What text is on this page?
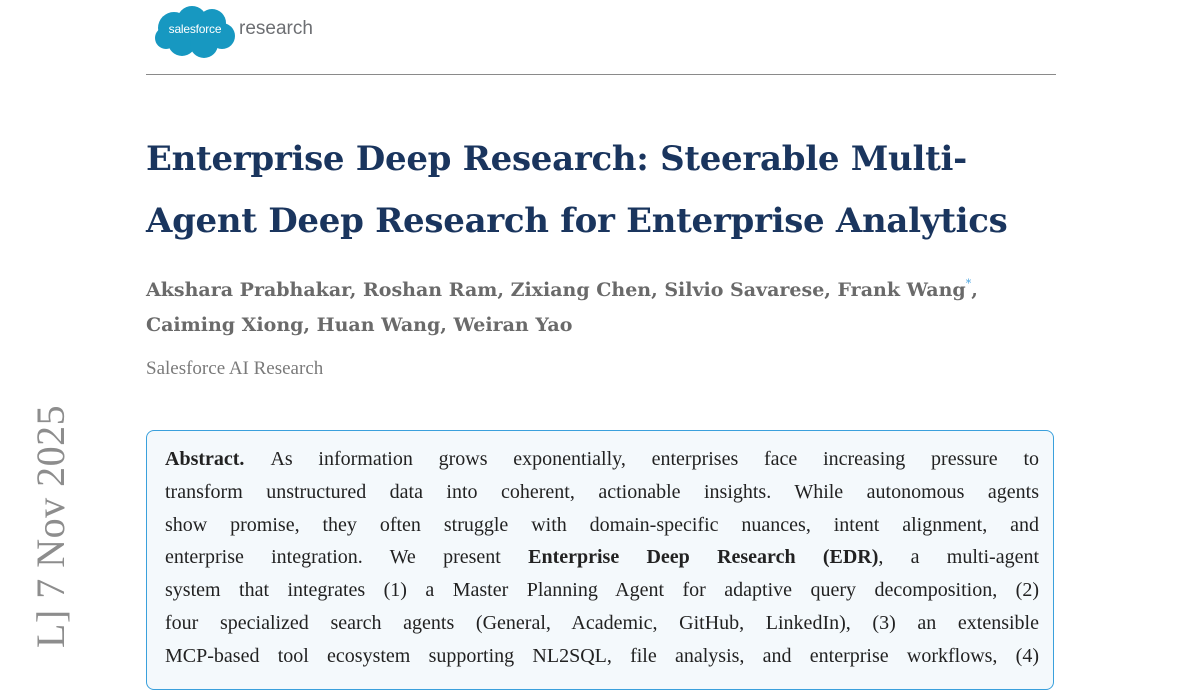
salesforce research
Enterprise Deep Research: Steerable Multi-
Agent Deep Research for Enterprise Analytics
Akshara Prabhakar, Roshan Ram, Zixiang Chen, Silvio Savarese, Frank Wang*,
Caiming Xiong, Huan Wang, Weiran Yao
Salesforce AI Research
Abstract. As information grows exponentially, enterprises face increasing pressure to
transform unstructured data into coherent, actionable insights. While autonomous agents
show promise, they often struggle with domain-specific nuances, intent alignment, and
enterprise integration. We present Enterprise Deep Research (EDR), a multi-agent
system that integrates (1) a Master Planning Agent for adaptive query decomposition, (2)
four specialized search agents (General, Academic, GitHub, LinkedIn), (3) an extensible
MCP-based tool ecosystem supporting NL2SQL, file analysis, and enterprise workflows, (4)
L] 7 Nov 2025
